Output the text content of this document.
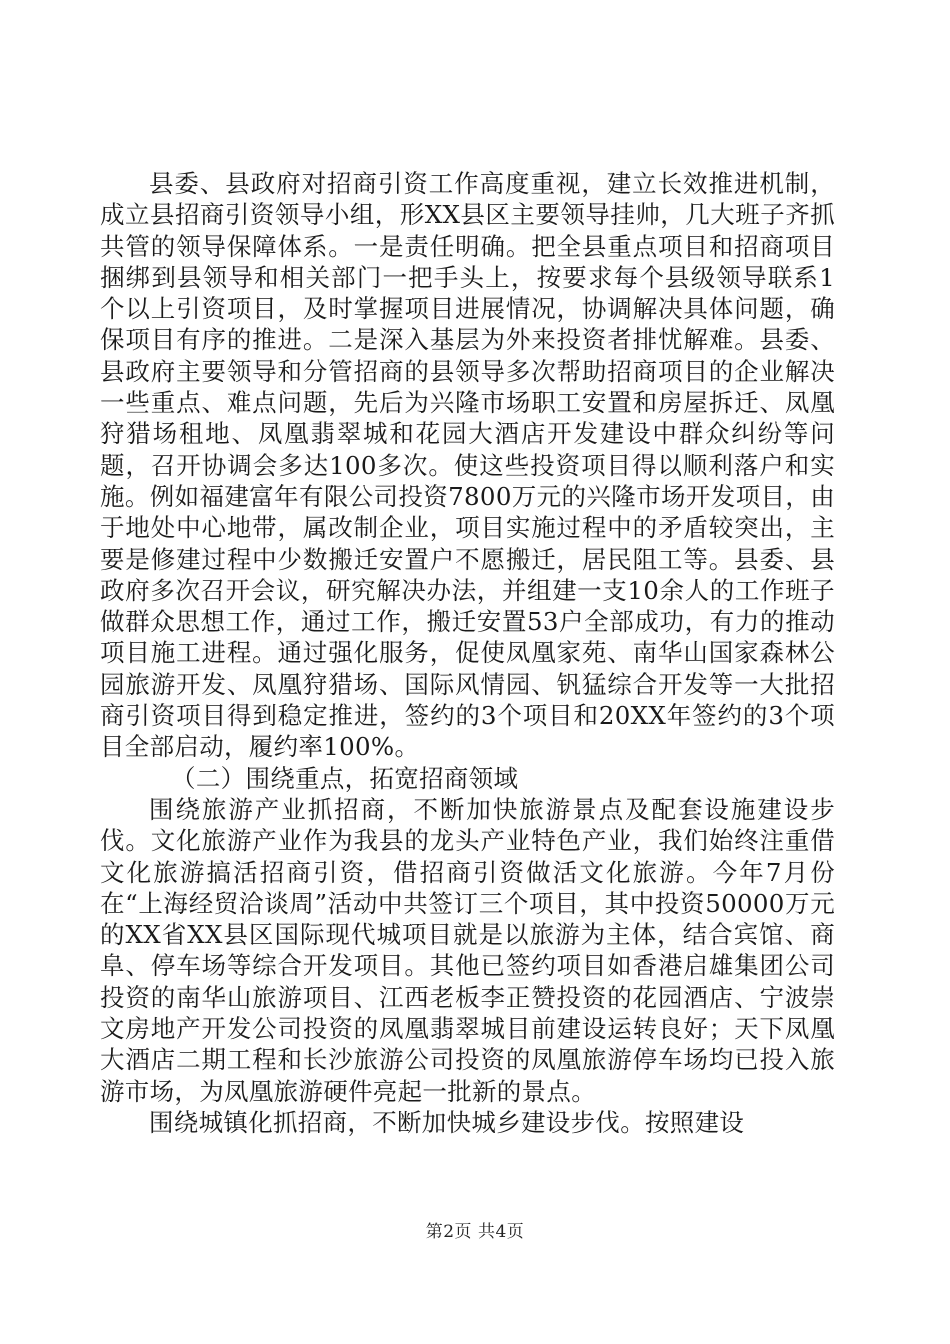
县委、县政府对招商引资工作高度重视，建立长效推进机制，成立县招商引资领导小组，形XX县区主要领导挂帅，几大班子齐抓共管的领导保障体系。一是责任明确。把全县重点项目和招商项目捆绑到县领导和相关部门一把手头上，按要求每个县级领导联系1个以上引资项目，及时掌握项目进展情况，协调解决具体问题，确保项目有序的推进。二是深入基层为外来投资者排忧解难。县委、县政府主要领导和分管招商的县领导多次帮助招商项目的企业解决一些重点、难点问题，先后为兴隆市场职工安置和房屋拆迁、凤凰狩猎场租地、凤凰翡翠城和花园大酒店开发建设中群众纠纷等问题，召开协调会多达100多次。使这些投资项目得以顺利落户和实施。例如福建富年有限公司投资7800万元的兴隆市场开发项目，由于地处中心地带，属改制企业，项目实施过程中的矛盾较突出，主要是修建过程中少数搬迁安置户不愿搬迁，居民阻工等。县委、县政府多次召开会议，研究解决办法，并组建一支10余人的工作班子做群众思想工作，通过工作，搬迁安置53户全部成功，有力的推动项目施工进程。通过强化服务，促使凤凰家苑、南华山国家森林公园旅游开发、凤凰狩猎场、国际风情园、钒猛综合开发等一大批招商引资项目得到稳定推进，签约的3个项目和20XX年签约的3个项目全部启动，履约率100%。

（二）围绕重点，拓宽招商领域

围绕旅游产业抓招商，不断加快旅游景点及配套设施建设步伐。文化旅游产业作为我县的龙头产业特色产业，我们始终注重借文化旅游搞活招商引资，借招商引资做活文化旅游。今年7月份在“上海经贸洽谈周”活动中共签订三个项目，其中投资50000万元的XX省XX县区国际现代城项目就是以旅游为主体，结合宾馆、商阜、停车场等综合开发项目。其他已签约项目如香港启雄集团公司投资的南华山旅游项目、江西老板李正赞投资的花园酒店、宁波崇文房地产开发公司投资的凤凰翡翠城目前建设运转良好；天下凤凰大酒店二期工程和长沙旅游公司投资的凤凰旅游停车场均已投入旅游市场，为凤凰旅游硬件亮起一批新的景点。

围绕城镇化抓招商，不断加快城乡建设步伐。按照建设

第2页 共4页
